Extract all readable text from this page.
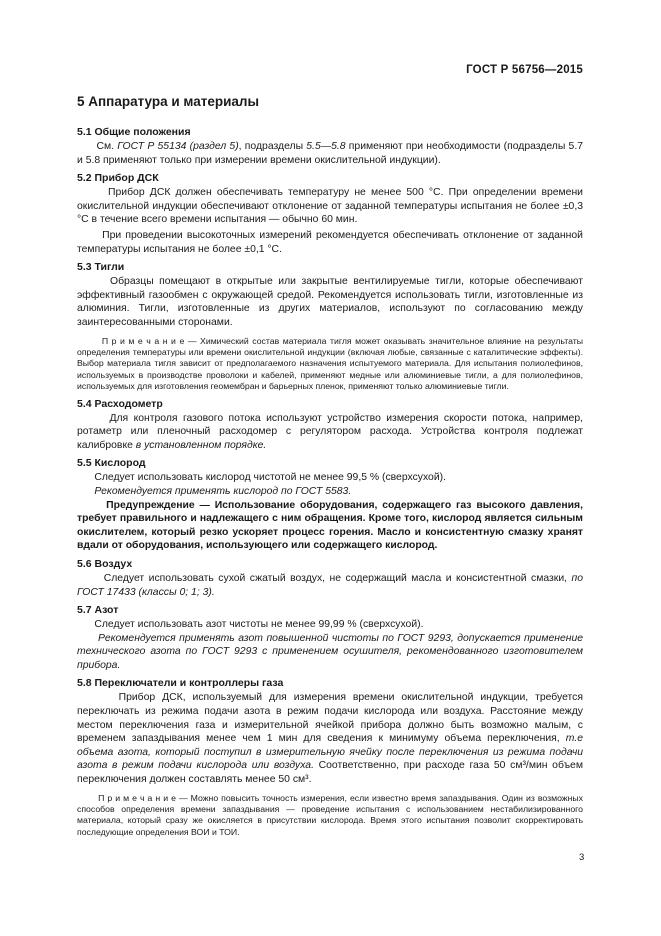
ГОСТ Р 56756—2015
5 Аппаратура и материалы
5.1 Общие положения

См. ГОСТ Р 55134 (раздел 5), подразделы 5.5—5.8 применяют при необходимости (подразделы 5.7 и 5.8 применяют только при измерении времени окислительной индукции).

5.2 Прибор ДСК

Прибор ДСК должен обеспечивать температуру не менее 500 °C. При определении времени окислительной индукции обеспечивают отклонение от заданной температуры испытания не более ±0,3 °C в течение всего времени испытания — обычно 60 мин.

При проведении высокоточных измерений рекомендуется обеспечивать отклонение от заданной температуры испытания не более ±0,1 °C.

5.3 Тигли

Образцы помещают в открытые или закрытые вентилируемые тигли, которые обеспечивают эффективный газообмен с окружающей средой. Рекомендуется использовать тигли, изготовленные из алюминия. Тигли, изготовленные из других материалов, используют по согласованию между заинтересованными сторонами.

П р и м е ч а н и е — Химический состав материала тигля может оказывать значительное влияние на результаты определения температуры или времени окислительной индукции (включая любые, связанные с каталитические эффекты). Выбор материала тигля зависит от предполагаемого назначения испытуемого материала. Для испытания полиолефинов, используемых в производстве проволоки и кабелей, применяют медные или алюминиевые тигли, а для полиолефинов, используемых для изготовления геомембран и барьерных пленок, применяют только алюминиевые тигли.

5.4 Расходометр

Для контроля газового потока используют устройство измерения скорости потока, например, ротаметр или пленочный расходомер с регулятором расхода. Устройства контроля подлежат калибровке в установленном порядке.

5.5 Кислород

Следует использовать кислород чистотой не менее 99,5 % (сверхсухой).

Рекомендуется применять кислород по ГОСТ 5583.

Предупреждение — Использование оборудования, содержащего газ высокого давления, требует правильного и надлежащего с ним обращения. Кроме того, кислород является сильным окислителем, который резко ускоряет процесс горения. Масло и консистентную смазку хранят вдали от оборудования, использующего или содержащего кислород.

5.6 Воздух

Следует использовать сухой сжатый воздух, не содержащий масла и консистентной смазки, по ГОСТ 17433 (классы 0; 1; 3).

5.7 Азот

Следует использовать азот чистоты не менее 99,99 % (сверхсухой).

Рекомендуется применять азот повышенной чистоты по ГОСТ 9293, допускается применение технического азота по ГОСТ 9293 с применением осушителя, рекомендованного изготовителем прибора.

5.8 Переключатели и контроллеры газа

Прибор ДСК, используемый для измерения времени окислительной индукции, требуется переключать из режима подачи азота в режим подачи кислорода или воздуха. Расстояние между местом переключения газа и измерительной ячейкой прибора должно быть возможно малым, с временем запаздывания менее чем 1 мин для сведения к минимуму объема переключения, т.е объема азота, который поступил в измерительную ячейку после переключения из режима подачи азота в режим подачи кислорода или воздуха. Соответственно, при расходе газа 50 см³/мин объем переключения должен составлять менее 50 см³.

П р и м е ч а н и е — Можно повысить точность измерения, если известно время запаздывания. Один из возможных способов определения времени запаздывания — проведение испытания с использованием нестабилизированного материала, который сразу же окисляется в присутствии кислорода. Время этого испытания позволит скорректировать последующие определения ВОИ и ТОИ.

3
